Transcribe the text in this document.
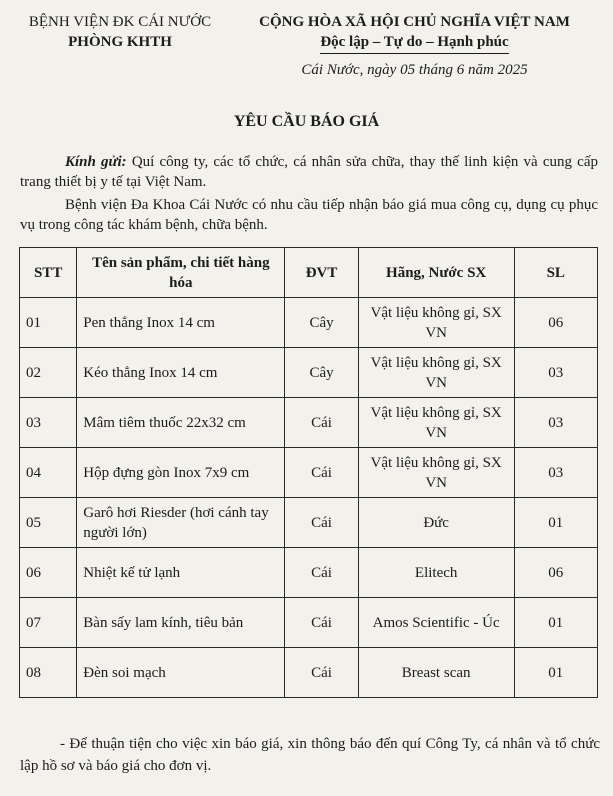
BỆNH VIỆN ĐK CÁI NƯỚC
PHÒNG KHTH
CỘNG HÒA XÃ HỘI CHỦ NGHĨA VIỆT NAM
Độc lập – Tự do – Hạnh phúc
Cái Nước, ngày 05 tháng 6 năm 2025
YÊU CẦU BÁO GIÁ
Kính gửi: Quí công ty, các tổ chức, cá nhân sửa chữa, thay thế linh kiện và cung cấp trang thiết bị y tế tại Việt Nam.
Bệnh viện Đa Khoa Cái Nước có nhu cầu tiếp nhận báo giá mua công cụ, dụng cụ phục vụ trong công tác khám bệnh, chữa bệnh.
STT	Tên sản phẩm, chi tiết hàng hóa	ĐVT	Hãng, Nước SX	SL
01	Pen thẳng Inox 14 cm	Cây	Vật liệu không gỉ, SX VN	06
02	Kéo thẳng Inox 14 cm	Cây	Vật liệu không gỉ, SX VN	03
03	Mâm tiêm thuốc 22x32 cm	Cái	Vật liệu không gỉ, SX VN	03
04	Hộp đựng gòn Inox 7x9 cm	Cái	Vật liệu không gỉ, SX VN	03
05	Garô hơi Riesder (hơi cánh tay người lớn)	Cái	Đức	01
06	Nhiệt kế tử lạnh	Cái	Elitech	06
07	Bàn sấy lam kính, tiêu bản	Cái	Amos Scientific - Úc	01
08	Đèn soi mạch	Cái	Breast scan	01
- Để thuận tiện cho việc xin báo giá, xin thông báo đến quí Công Ty, cá nhân và tổ chức lập hồ sơ và báo giá cho đơn vị.
